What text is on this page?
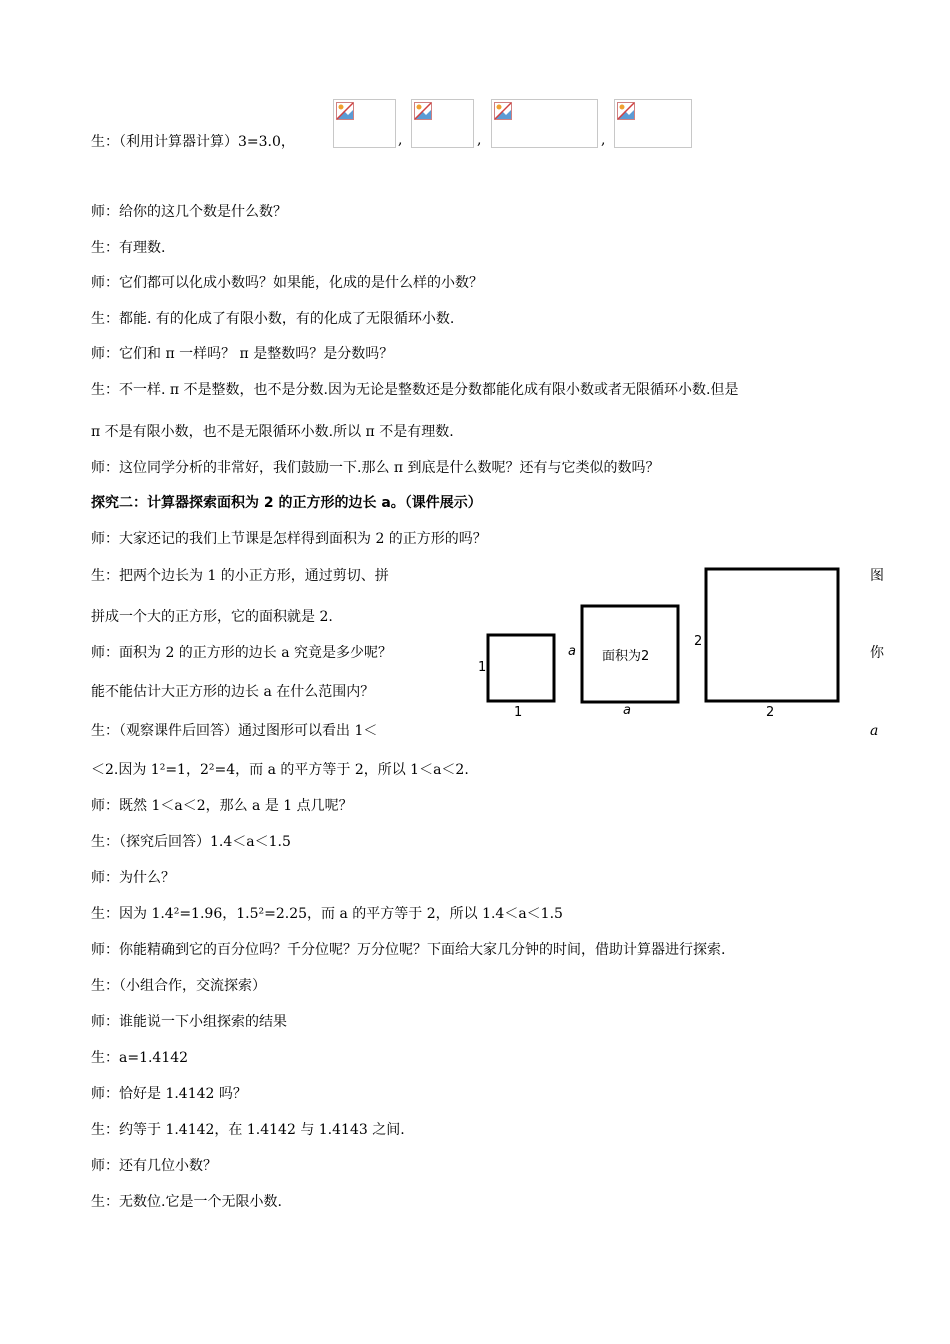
生：（利用计算器计算）3=3.0，	,	,	,
师：给你的这几个数是什么数？
生：有理数.
师：它们都可以化成小数吗？如果能，化成的是什么样的小数？
生：都能. 有的化成了有限小数，有的化成了无限循环小数.
师：它们和 π 一样吗？ π 是整数吗？是分数吗？
生：不一样. π 不是整数，也不是分数.因为无论是整数还是分数都能化成有限小数或者无限循环小数.但是
π 不是有限小数，也不是无限循环小数.所以 π 不是有理数.
师：这位同学分析的非常好，我们鼓励一下.那么 π 到底是什么数呢？还有与它类似的数吗？
探究二：计算器探索面积为 2 的正方形的边长 a。（课件展示）
师：大家还记的我们上节课是怎样得到面积为 2 的正方形的吗？
生：把两个边长为 1 的小正方形，通过剪切、拼	图
拼成一个大的正方形，它的面积就是 2.
师：面积为 2 的正方形的边长 a 究竟是多少呢？	你
能不能估计大正方形的边长 a 在什么范围内？
生：（观察课件后回答）通过图形可以看出 1＜	a
1
1
a
a
面积为2
2
2
＜2.因为 1²=1，2²=4，而 a 的平方等于 2，所以 1＜a＜2.
师：既然 1＜a＜2，那么 a 是 1 点几呢？
生：（探究后回答）1.4＜a＜1.5
师：为什么？
生：因为 1.4²=1.96，1.5²=2.25，而 a 的平方等于 2，所以 1.4＜a＜1.5
师：你能精确到它的百分位吗？千分位呢？万分位呢？下面给大家几分钟的时间，借助计算器进行探索.
生：（小组合作，交流探索）
师：谁能说一下小组探索的结果
生：a=1.4142
师：恰好是 1.4142 吗？
生：约等于 1.4142，在 1.4142 与 1.4143 之间.
师：还有几位小数？
生：无数位.它是一个无限小数.
